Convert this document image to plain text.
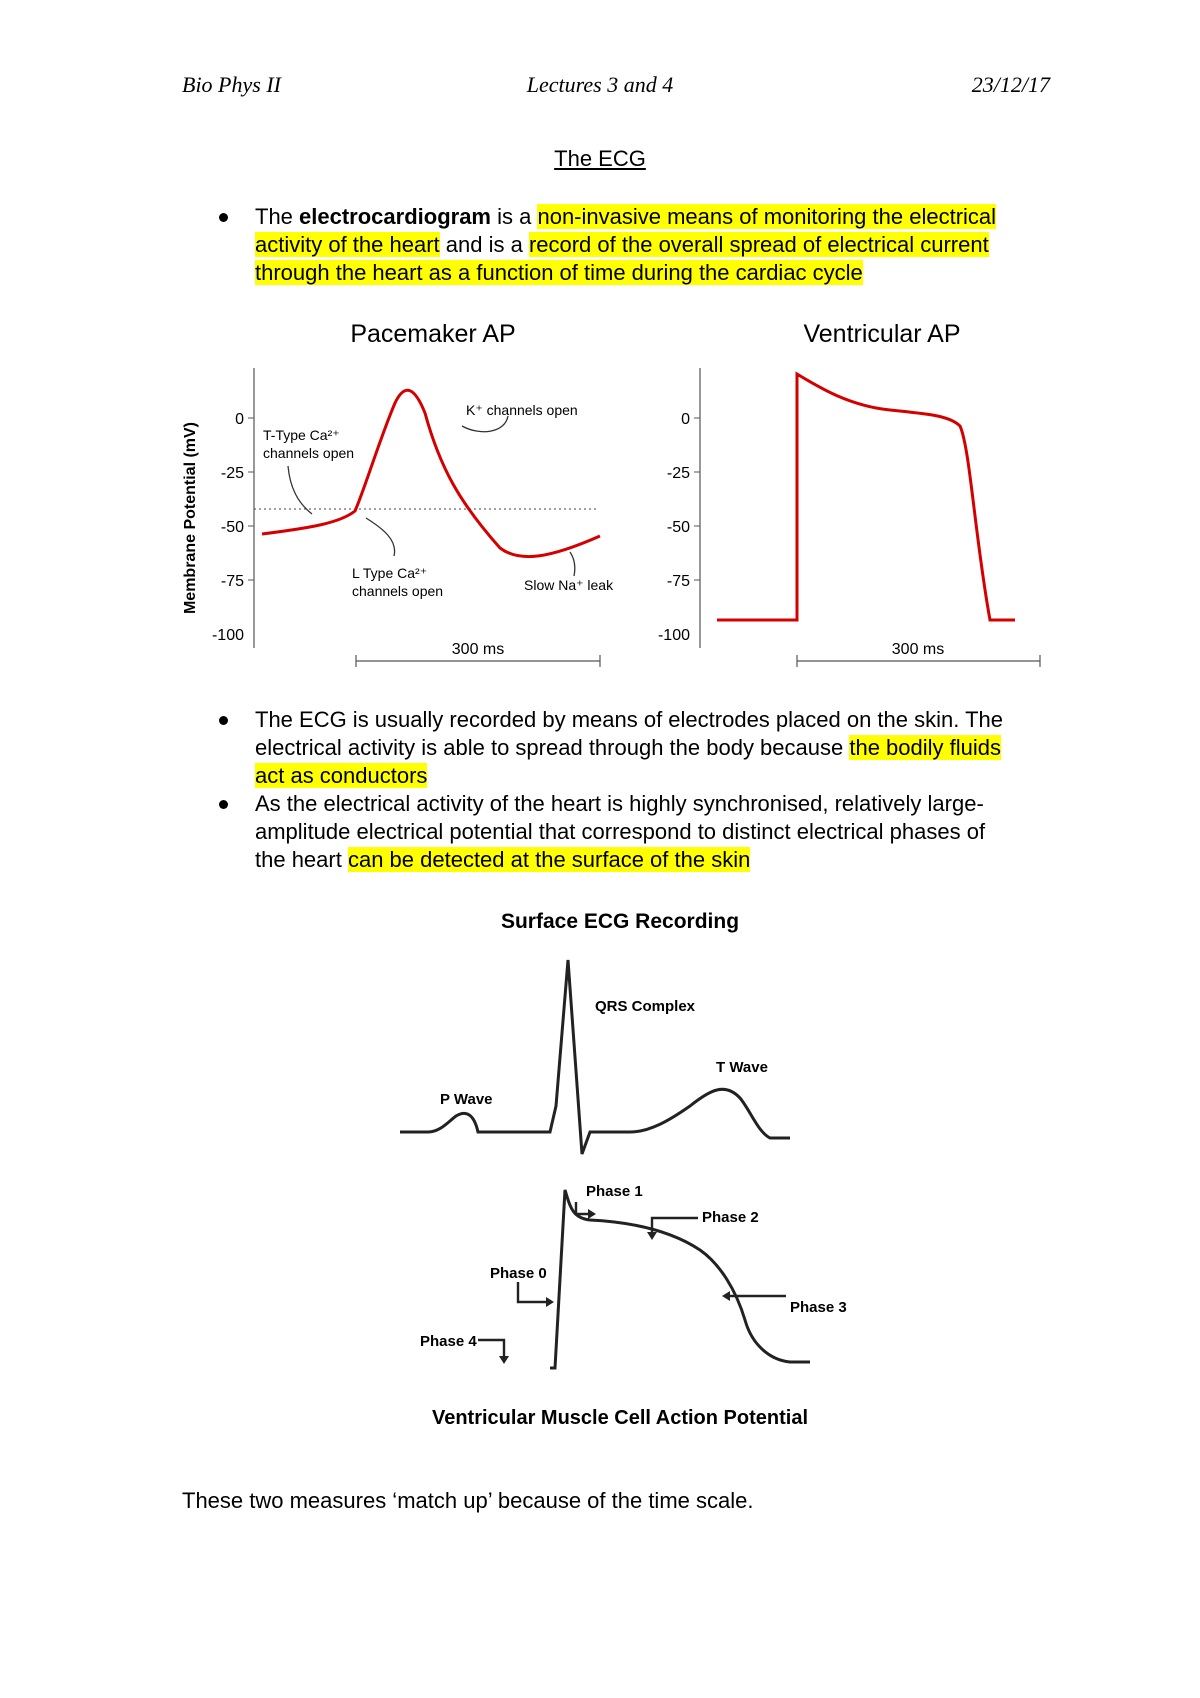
Bio Phys II	Lectures 3 and 4	23/12/17
The ECG
The electrocardiogram is a non-invasive means of monitoring the electrical activity of the heart and is a record of the overall spread of electrical current through the heart as a function of time during the cardiac cycle
Pacemaker AP	Ventricular AP
Membrane Potential (mV)
0
-25
-50
-75
-100
T-Type Ca²⁺
channels open
K⁺ channels open
L Type Ca²⁺
channels open	Slow Na⁺ leak
300 ms
0
-25
-50
-75
-100
300 ms
The ECG is usually recorded by means of electrodes placed on the skin. The electrical activity is able to spread through the body because the bodily fluids act as conductors
As the electrical activity of the heart is highly synchronised, relatively large-amplitude electrical potential that correspond to distinct electrical phases of the heart can be detected at the surface of the skin
Surface ECG Recording
QRS Complex
P Wave
T Wave
Phase 1
Phase 2
Phase 0
Phase 3
Phase 4
Ventricular Muscle Cell Action Potential
These two measures ‘match up’ because of the time scale.
